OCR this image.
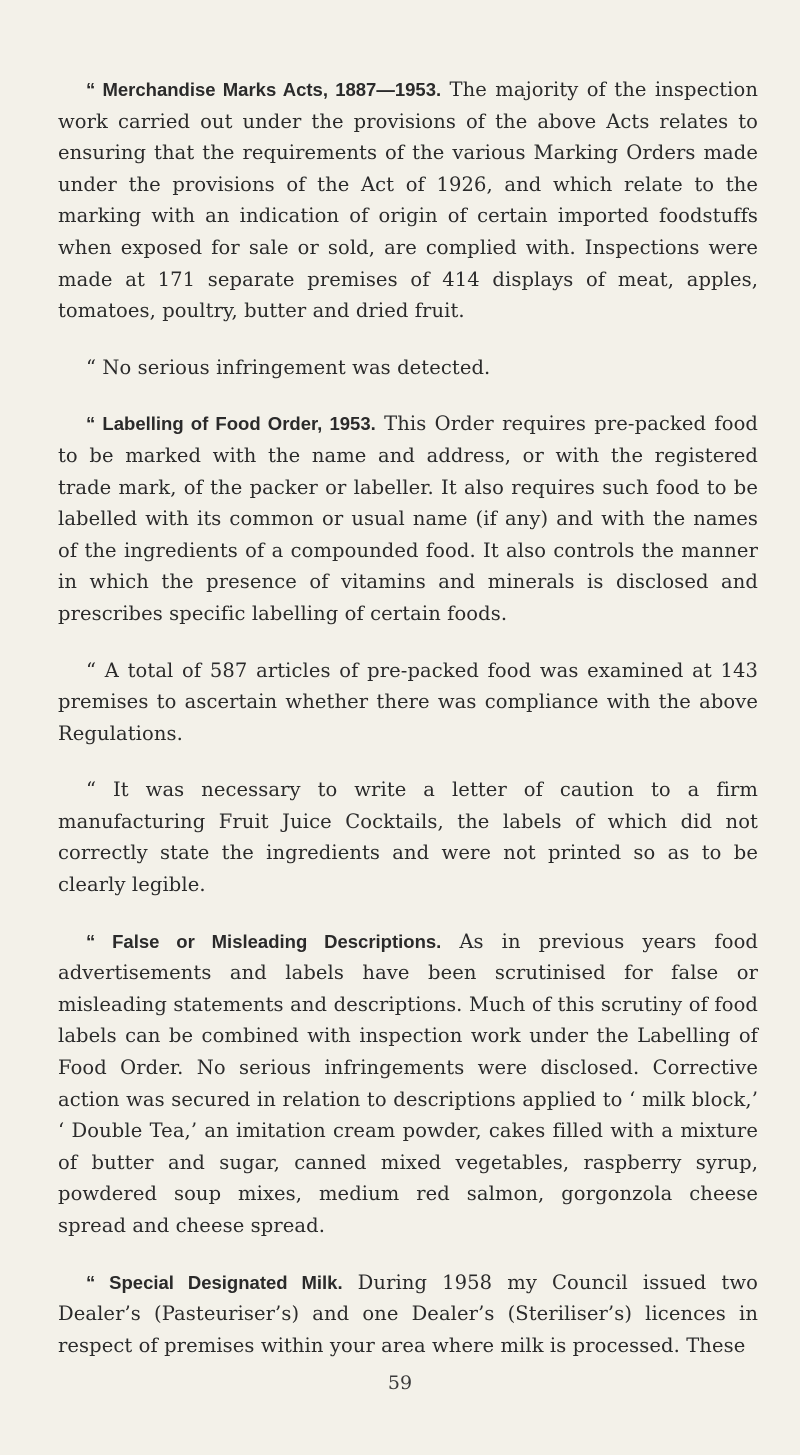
“ Merchandise Marks Acts, 1887—1953. The majority of the inspection work carried out under the provisions of the above Acts relates to ensuring that the requirements of the various Marking Orders made under the provisions of the Act of 1926, and which relate to the marking with an indication of origin of certain imported foodstuffs when exposed for sale or sold, are complied with. Inspections were made at 171 separate premises of 414 displays of meat, apples, tomatoes, poultry, butter and dried fruit.

“ No serious infringement was detected.

“ Labelling of Food Order, 1953. This Order requires pre-packed food to be marked with the name and address, or with the registered trade mark, of the packer or labeller. It also requires such food to be labelled with its common or usual name (if any) and with the names of the ingredients of a compounded food. It also controls the manner in which the presence of vitamins and minerals is disclosed and prescribes specific labelling of certain foods.

“ A total of 587 articles of pre-packed food was examined at 143 premises to ascertain whether there was compliance with the above Regulations.

“ It was necessary to write a letter of caution to a firm manufacturing Fruit Juice Cocktails, the labels of which did not correctly state the ingredients and were not printed so as to be clearly legible.

“ False or Misleading Descriptions. As in previous years food advertisements and labels have been scrutinised for false or misleading statements and descriptions. Much of this scrutiny of food labels can be combined with inspection work under the Labelling of Food Order. No serious infringements were disclosed. Corrective action was secured in relation to descriptions applied to ‘ milk block,’ ‘ Double Tea,’ an imitation cream powder, cakes filled with a mixture of butter and sugar, canned mixed vegetables, raspberry syrup, powdered soup mixes, medium red salmon, gorgonzola cheese spread and cheese spread.

“ Special Designated Milk. During 1958 my Council issued two Dealer’s (Pasteuriser’s) and one Dealer’s (Steriliser’s) licences in respect of premises within your area where milk is processed. These

59
